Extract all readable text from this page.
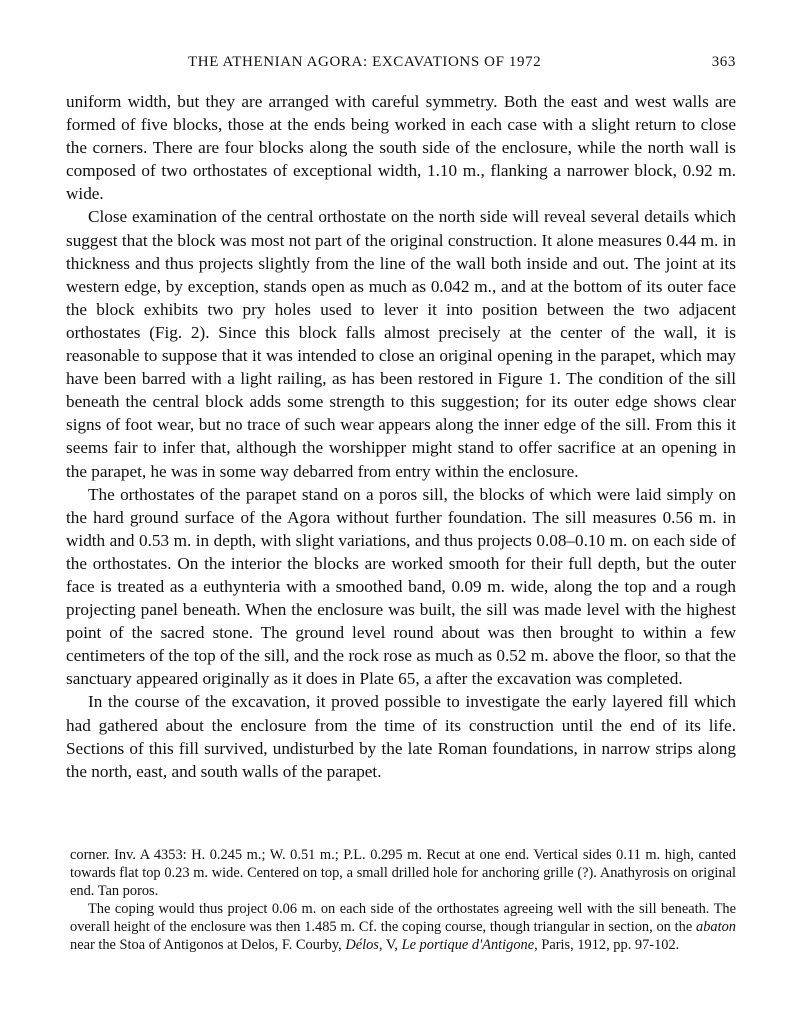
THE ATHENIAN AGORA: EXCAVATIONS OF 1972	363

uniform width, but they are arranged with careful symmetry. Both the east and west walls are formed of five blocks, those at the ends being worked in each case with a slight return to close the corners. There are four blocks along the south side of the enclosure, while the north wall is composed of two orthostates of exceptional width, 1.10 m., flanking a narrower block, 0.92 m. wide.

Close examination of the central orthostate on the north side will reveal several details which suggest that the block was most not part of the original construction. It alone measures 0.44 m. in thickness and thus projects slightly from the line of the wall both inside and out. The joint at its western edge, by exception, stands open as much as 0.042 m., and at the bottom of its outer face the block exhibits two pry holes used to lever it into position between the two adjacent orthostates (Fig. 2). Since this block falls almost precisely at the center of the wall, it is reasonable to suppose that it was intended to close an original opening in the parapet, which may have been barred with a light railing, as has been restored in Figure 1. The condition of the sill beneath the central block adds some strength to this suggestion; for its outer edge shows clear signs of foot wear, but no trace of such wear appears along the inner edge of the sill. From this it seems fair to infer that, although the worshipper might stand to offer sacrifice at an opening in the parapet, he was in some way debarred from entry within the enclosure.

The orthostates of the parapet stand on a poros sill, the blocks of which were laid simply on the hard ground surface of the Agora without further foundation. The sill measures 0.56 m. in width and 0.53 m. in depth, with slight variations, and thus projects 0.08–0.10 m. on each side of the orthostates. On the interior the blocks are worked smooth for their full depth, but the outer face is treated as a euthynteria with a smoothed band, 0.09 m. wide, along the top and a rough projecting panel beneath. When the enclosure was built, the sill was made level with the highest point of the sacred stone. The ground level round about was then brought to within a few centimeters of the top of the sill, and the rock rose as much as 0.52 m. above the floor, so that the sanctuary appeared originally as it does in Plate 65, a after the excavation was completed.

In the course of the excavation, it proved possible to investigate the early layered fill which had gathered about the enclosure from the time of its construction until the end of its life. Sections of this fill survived, undisturbed by the late Roman foundations, in narrow strips along the north, east, and south walls of the parapet.

corner. Inv. A 4353: H. 0.245 m.; W. 0.51 m.; P.L. 0.295 m. Recut at one end. Vertical sides 0.11 m. high, canted towards flat top 0.23 m. wide. Centered on top, a small drilled hole for anchoring grille (?). Anathyrosis on original end. Tan poros.

The coping would thus project 0.06 m. on each side of the orthostates agreeing well with the sill beneath. The overall height of the enclosure was then 1.485 m. Cf. the coping course, though triangular in section, on the abaton near the Stoa of Antigonos at Delos, F. Courby, Délos, V, Le portique d'Antigone, Paris, 1912, pp. 97-102.
